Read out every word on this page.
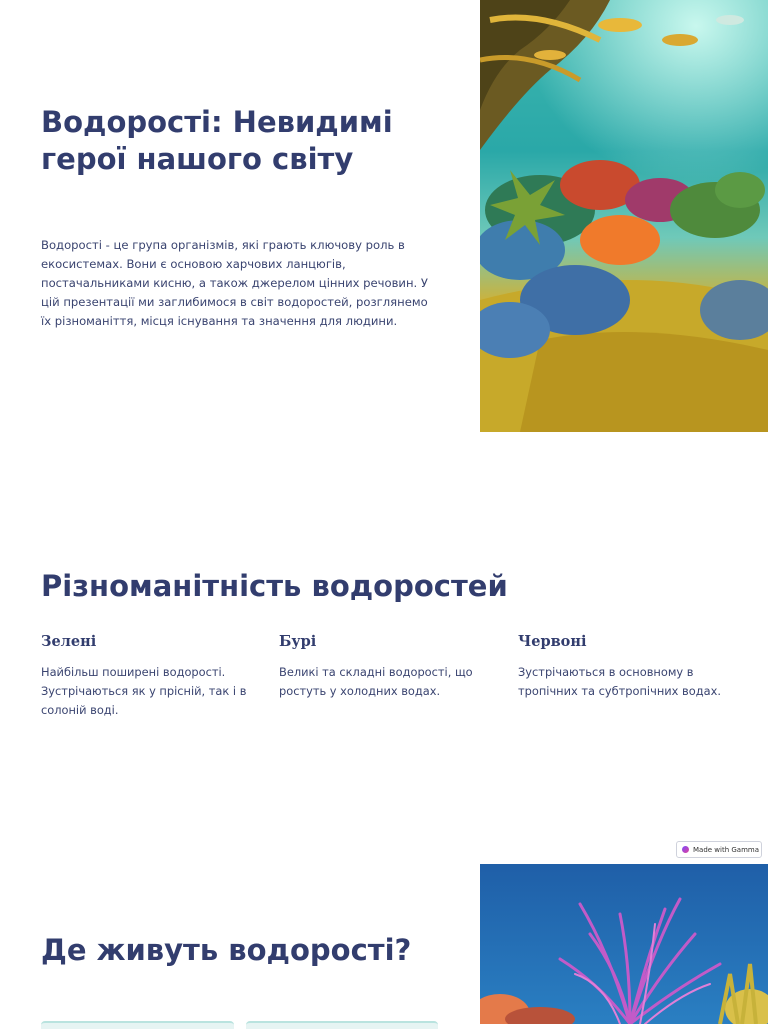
Водорості: Невидимі герої нашого світу

Водорості - це група організмів, які грають ключову роль в екосистемах. Вони є основою харчових ланцюгів, постачальниками кисню, а також джерелом цінних речовин. У цій презентації ми заглибимося в світ водоростей, розглянемо їх різноманіття, місця існування та значення для людини.

Різноманітність водоростей
Зелені

Найбільш поширені водорості. Зустрічаються як у прісній, так і в солоній воді.

Бурі

Великі та складні водорості, що ростуть у холодних водах.

Червоні

Зустрічаються в основному в тропічних та субтропічних водах.

Made with Gamma
Де живуть водорості?
